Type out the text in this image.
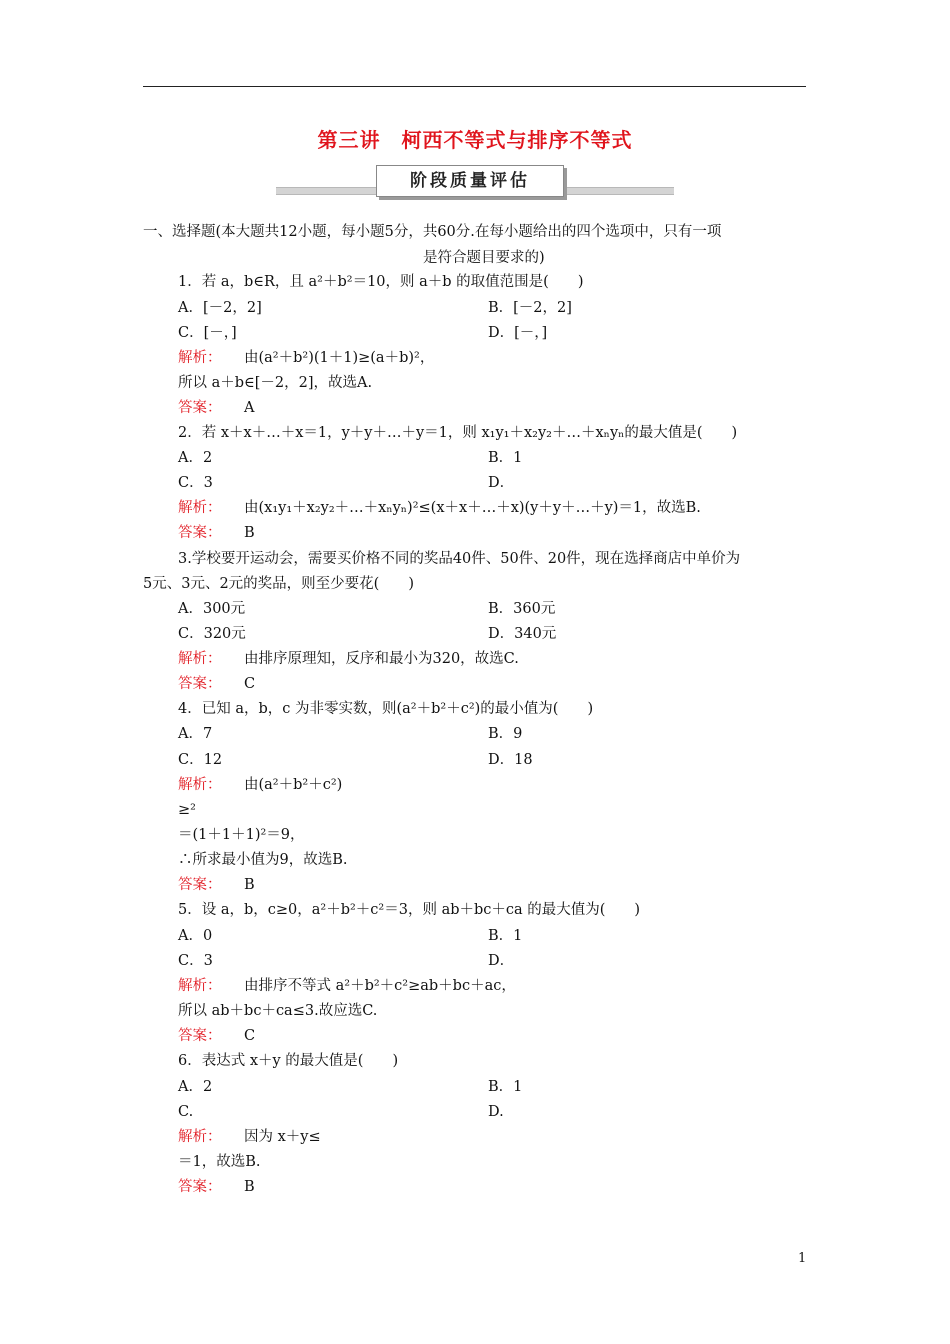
第三讲　柯西不等式与排序不等式
阶段质量评估
一、选择题(本大题共12小题，每小题5分，共60分.在每小题给出的四个选项中，只有一项
是符合题目要求的)
1．若 a，b∈R，且 a²＋b²＝10，则 a＋b 的取值范围是(　　)
A．[－2，2]	B．[－2，2]
C．[－，]	D．[－，]
解析： 由(a²＋b²)(1＋1)≥(a＋b)²，
所以 a＋b∈[－2，2]，故选A.
答案： A
2．若 x＋x＋…＋x＝1，y＋y＋…＋y＝1，则 x₁y₁＋x₂y₂＋…＋xₙyₙ的最大值是(　　)
A．2	B．1
C．3	D．
解析： 由(x₁y₁＋x₂y₂＋…＋xₙyₙ)²≤(x＋x＋…＋x)(y＋y＋…＋y)＝1，故选B.
答案： B
3.学校要开运动会，需要买价格不同的奖品40件、50件、20件，现在选择商店中单价为
5元、3元、2元的奖品，则至少要花(　　)
A．300元	B．360元
C．320元	D．340元
解析： 由排序原理知，反序和最小为320，故选C.
答案： C
4．已知 a，b，c 为非零实数，则(a²＋b²＋c²)的最小值为(　　)
A．7	B．9
C．12	D．18
解析： 由(a²＋b²＋c²)
≥²
＝(1＋1＋1)²＝9，
∴所求最小值为9，故选B.
答案： B
5．设 a，b，c≥0，a²＋b²＋c²＝3，则 ab＋bc＋ca 的最大值为(　　)
A．0	B．1
C．3	D．
解析： 由排序不等式 a²＋b²＋c²≥ab＋bc＋ac，
所以 ab＋bc＋ca≤3.故应选C.
答案： C
6．表达式 x＋y 的最大值是(　　)
A．2	B．1
C.	D.
解析： 因为 x＋y≤
＝1，故选B.
答案： B
1
